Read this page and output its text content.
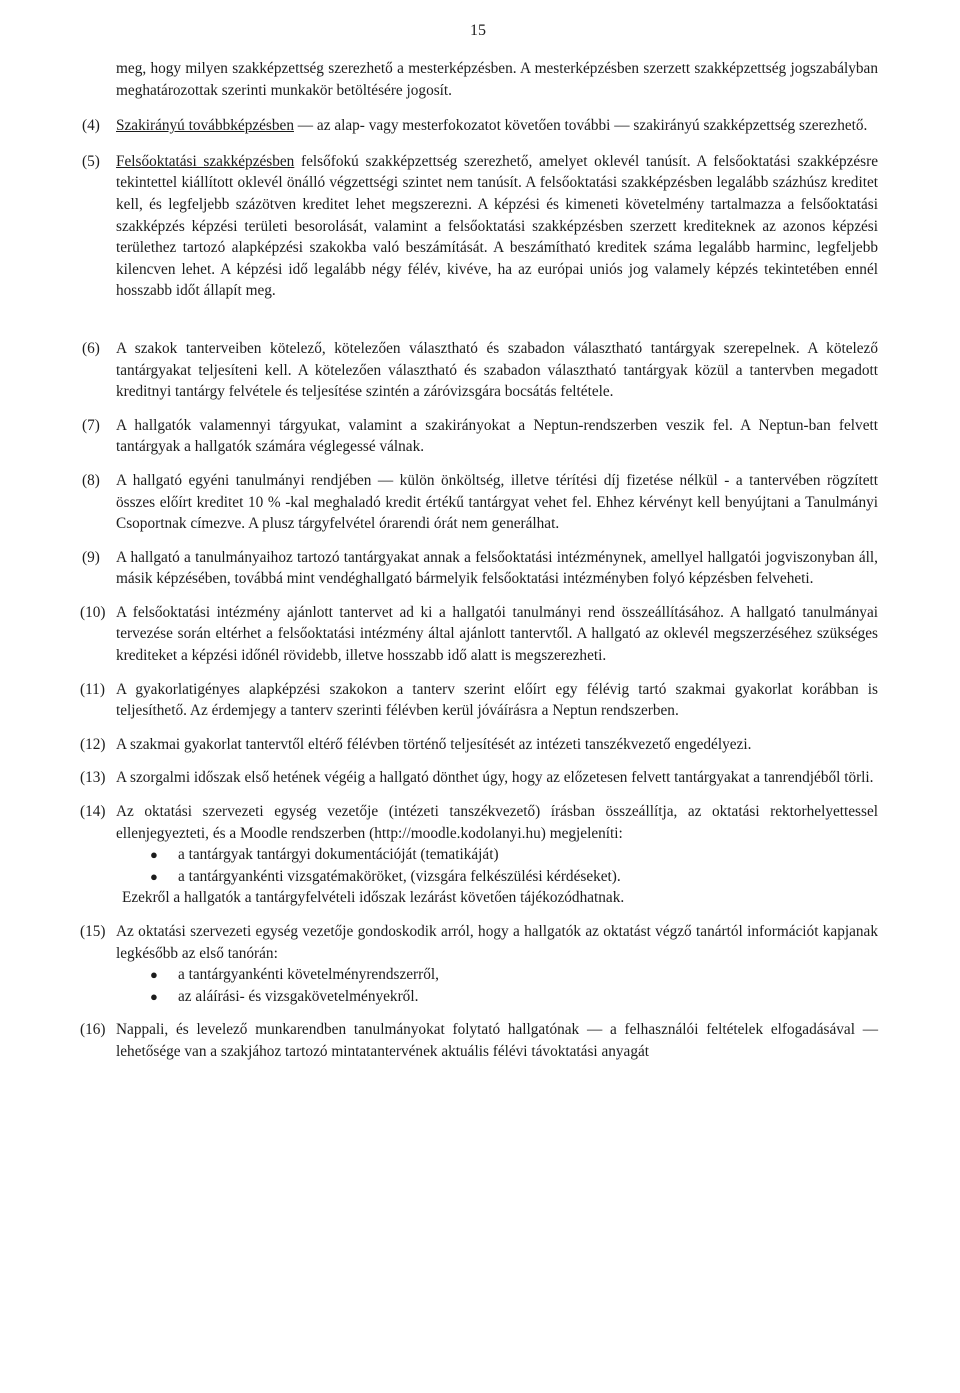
15

meg, hogy milyen szakképzettség szerezhető a mesterképzésben. A mesterképzésben szerzett szakképzettség jogszabályban meghatározottak szerinti munkakör betöltésére jogosít.

(4) Szakirányú továbbképzésben — az alap- vagy mesterfokozatot követően további — szakirányú szakképzettség szerezhető.

(5) Felsőoktatási szakképzésben felsőfokú szakképzettség szerezhető, amelyet oklevél tanúsít. A felsőoktatási szakképzésre tekintettel kiállított oklevél önálló végzettségi szintet nem tanúsít. A felsőoktatási szakképzésben legalább százhúsz kreditet kell, és legfeljebb százötven kreditet lehet megszerezni. A képzési és kimeneti követelmény tartalmazza a felsőoktatási szakképzés képzési területi besorolását, valamint a felsőoktatási szakképzésben szerzett krediteknek az azonos képzési területhez tartozó alapképzési szakokba való beszámítását. A beszámítható kreditek száma legalább harminc, legfeljebb kilencven lehet. A képzési idő legalább négy félév, kivéve, ha az európai uniós jog valamely képzés tekintetében ennél hosszabb időt állapít meg.

(6) A szakok tanterveiben kötelező, kötelezően választható és szabadon választható tantárgyak szerepelnek. A kötelező tantárgyakat teljesíteni kell. A kötelezően választható és szabadon választható tantárgyak közül a tantervben megadott kreditnyi tantárgy felvétele és teljesítése szintén a záróvizsgára bocsátás feltétele.

(7) A hallgatók valamennyi tárgyukat, valamint a szakirányokat a Neptun-rendszerben veszik fel. A Neptun-ban felvett tantárgyak a hallgatók számára véglegessé válnak.

(8) A hallgató egyéni tanulmányi rendjében — külön önköltség, illetve térítési díj fizetése nélkül - a tantervében rögzített összes előírt kreditet 10 % -kal meghaladó kredit értékű tantárgyat vehet fel. Ehhez kérvényt kell benyújtani a Tanulmányi Csoportnak címezve. A plusz tárgyfelvétel órarendi órát nem generálhat.

(9) A hallgató a tanulmányaihoz tartozó tantárgyakat annak a felsőoktatási intézménynek, amellyel hallgatói jogviszonyban áll, másik képzésében, továbbá mint vendéghallgató bármelyik felsőoktatási intézményben folyó képzésben felveheti.

(10) A felsőoktatási intézmény ajánlott tantervet ad ki a hallgatói tanulmányi rend összeállításához. A hallgató tanulmányai tervezése során eltérhet a felsőoktatási intézmény által ajánlott tantervtől. A hallgató az oklevél megszerzéséhez szükséges krediteket a képzési időnél rövidebb, illetve hosszabb idő alatt is megszerezheti.

(11) A gyakorlatigényes alapképzési szakokon a tanterv szerint előírt egy félévig tartó szakmai gyakorlat korábban is teljesíthető. Az érdemjegy a tanterv szerinti félévben kerül jóváírásra a Neptun rendszerben.

(12) A szakmai gyakorlat tantervtől eltérő félévben történő teljesítését az intézeti tanszékvezető engedélyezi.

(13) A szorgalmi időszak első hetének végéig a hallgató dönthet úgy, hogy az előzetesen felvett tantárgyakat a tanrendjéből törli.

(14) Az oktatási szervezeti egység vezetője (intézeti tanszékvezető) írásban összeállítja, az oktatási rektorhelyettessel ellenjegyezteti, és a Moodle rendszerben (http://moodle.kodolanyi.hu) megjeleníti:

● a tantárgyak tantárgyi dokumentációját (tematikáját)
● a tantárgyankénti vizsgatémaköröket, (vizsgára felkészülési kérdéseket).

Ezekről a hallgatók a tantárgyfelvételi időszak lezárást követően tájékozódhatnak.

(15) Az oktatási szervezeti egység vezetője gondoskodik arról, hogy a hallgatók az oktatást végző tanártól információt kapjanak legkésőbb az első tanórán:

● a tantárgyankénti követelményrendszerről,
● az aláírási- és vizsgakövetelményekről.
(16) Nappali, és levelező munkarendben tanulmányokat folytató hallgatónak — a felhasználói feltételek elfogadásával — lehetősége van a szakjához tartozó mintatantervének aktuális félévi távoktatási anyagát
